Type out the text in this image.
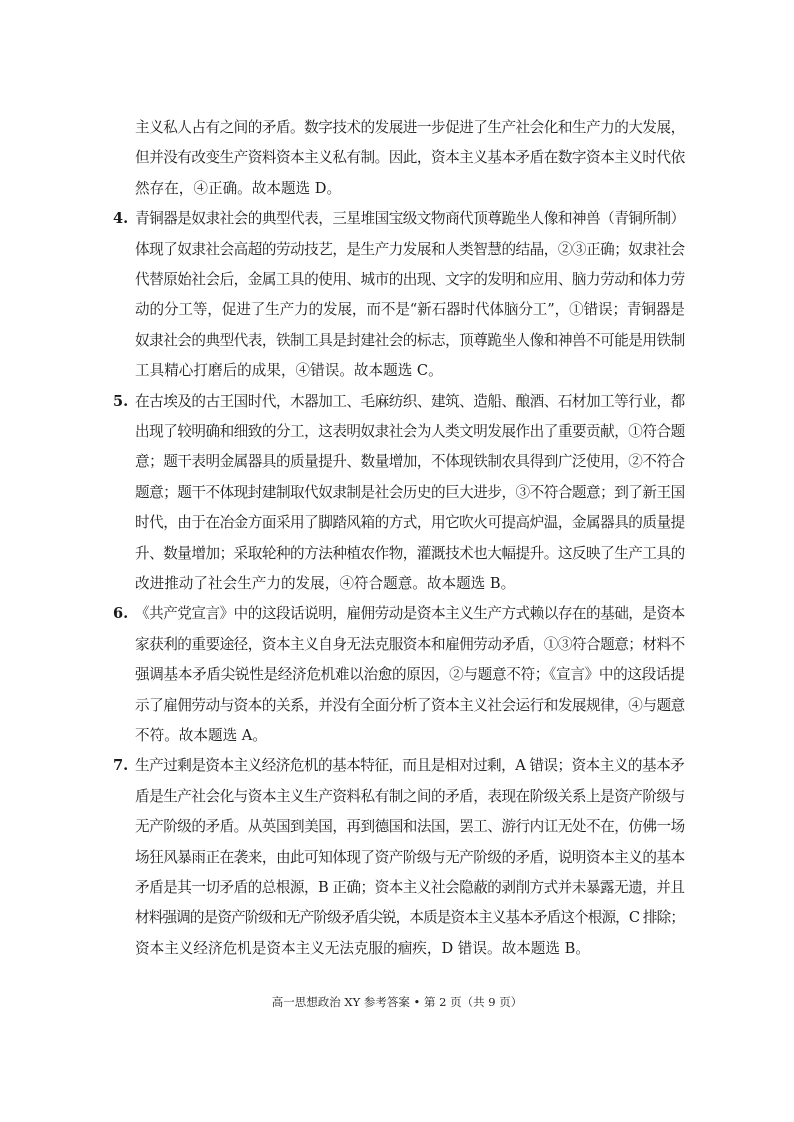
主义私人占有之间的矛盾。数字技术的发展进一步促进了生产社会化和生产力的大发展，
但并没有改变生产资料资本主义私有制。因此，资本主义基本矛盾在数字资本主义时代依
然存在，④正确。故本题选 D。
4. 青铜器是奴隶社会的典型代表，三星堆国宝级文物商代顶尊跪坐人像和神兽（青铜所制）
体现了奴隶社会高超的劳动技艺，是生产力发展和人类智慧的结晶，②③正确；奴隶社会
代替原始社会后，金属工具的使用、城市的出现、文字的发明和应用、脑力劳动和体力劳
动的分工等，促进了生产力的发展，而不是“新石器时代体脑分工”，①错误；青铜器是
奴隶社会的典型代表，铁制工具是封建社会的标志，顶尊跪坐人像和神兽不可能是用铁制
工具精心打磨后的成果，④错误。故本题选 C。
5. 在古埃及的古王国时代，木器加工、毛麻纺织、建筑、造船、酿酒、石材加工等行业，都
出现了较明确和细致的分工，这表明奴隶社会为人类文明发展作出了重要贡献，①符合题
意；题干表明金属器具的质量提升、数量增加，不体现铁制农具得到广泛使用，②不符合
题意；题干不体现封建制取代奴隶制是社会历史的巨大进步，③不符合题意；到了新王国
时代，由于在冶金方面采用了脚踏风箱的方式，用它吹火可提高炉温，金属器具的质量提
升、数量增加；采取轮种的方法种植农作物，灌溉技术也大幅提升。这反映了生产工具的
改进推动了社会生产力的发展，④符合题意。故本题选 B。
6. 《共产党宣言》中的这段话说明，雇佣劳动是资本主义生产方式赖以存在的基础，是资本
家获利的重要途径，资本主义自身无法克服资本和雇佣劳动矛盾，①③符合题意；材料不
强调基本矛盾尖锐性是经济危机难以治愈的原因，②与题意不符；《宣言》中的这段话提
示了雇佣劳动与资本的关系，并没有全面分析了资本主义社会运行和发展规律，④与题意
不符。故本题选 A。
7. 生产过剩是资本主义经济危机的基本特征，而且是相对过剩，A 错误；资本主义的基本矛
盾是生产社会化与资本主义生产资料私有制之间的矛盾，表现在阶级关系上是资产阶级与
无产阶级的矛盾。从英国到美国，再到德国和法国，罢工、游行内讧无处不在，仿佛一场
场狂风暴雨正在袭来，由此可知体现了资产阶级与无产阶级的矛盾，说明资本主义的基本
矛盾是其一切矛盾的总根源，B 正确；资本主义社会隐蔽的剥削方式并未暴露无遗，并且
材料强调的是资产阶级和无产阶级矛盾尖锐，本质是资本主义基本矛盾这个根源，C 排除；
资本主义经济危机是资本主义无法克服的痼疾，D 错误。故本题选 B。
高一思想政治 XY 参考答案 • 第 2 页（共 9 页）
